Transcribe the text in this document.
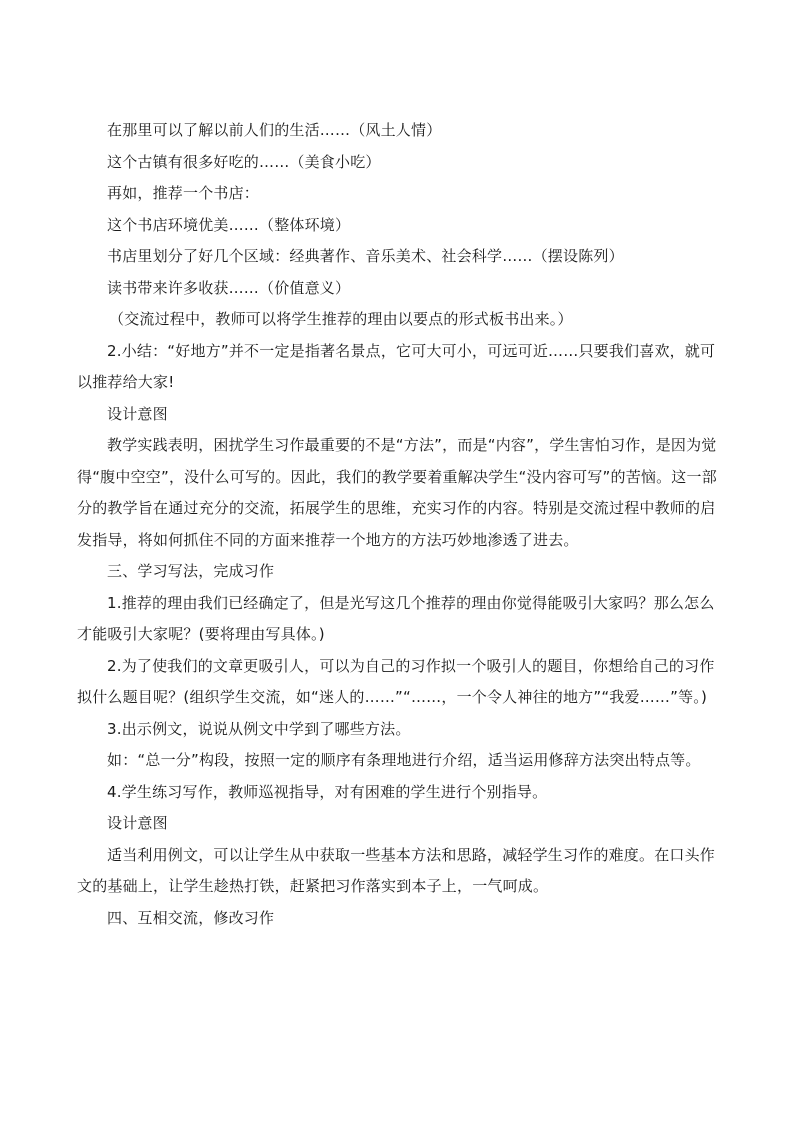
在那里可以了解以前人们的生活……（风土人情）

这个古镇有很多好吃的……（美食小吃）

再如，推荐一个书店：

这个书店环境优美……（整体环境）

书店里划分了好几个区域：经典著作、音乐美术、社会科学……（摆设陈列）

读书带来许多收获……（价值意义）

（交流过程中，教师可以将学生推荐的理由以要点的形式板书出来。）

2.小结：“好地方”并不一定是指著名景点，它可大可小，可远可近……只要我们喜欢，就可以推荐给大家!

设计意图

教学实践表明，困扰学生习作最重要的不是“方法”，而是“内容”，学生害怕习作，是因为觉得“腹中空空”，没什么可写的。因此，我们的教学要着重解决学生“没内容可写”的苦恼。这一部分的教学旨在通过充分的交流，拓展学生的思维，充实习作的内容。特别是交流过程中教师的启发指导，将如何抓住不同的方面来推荐一个地方的方法巧妙地渗透了进去。

三、学习写法，完成习作

1.推荐的理由我们已经确定了，但是光写这几个推荐的理由你觉得能吸引大家吗？那么怎么才能吸引大家呢？(要将理由写具体。)

2.为了使我们的文章更吸引人，可以为自己的习作拟一个吸引人的题目，你想给自己的习作拟什么题目呢？(组织学生交流，如“迷人的……”“……，一个令人神往的地方”“我爱……”等。)

3.出示例文，说说从例文中学到了哪些方法。

如：“总一分”构段，按照一定的顺序有条理地进行介绍，适当运用修辞方法突出特点等。

4.学生练习写作，教师巡视指导，对有困难的学生进行个别指导。

设计意图

适当利用例文，可以让学生从中获取一些基本方法和思路，减轻学生习作的难度。在口头作文的基础上，让学生趁热打铁，赶紧把习作落实到本子上，一气呵成。

四、互相交流，修改习作
